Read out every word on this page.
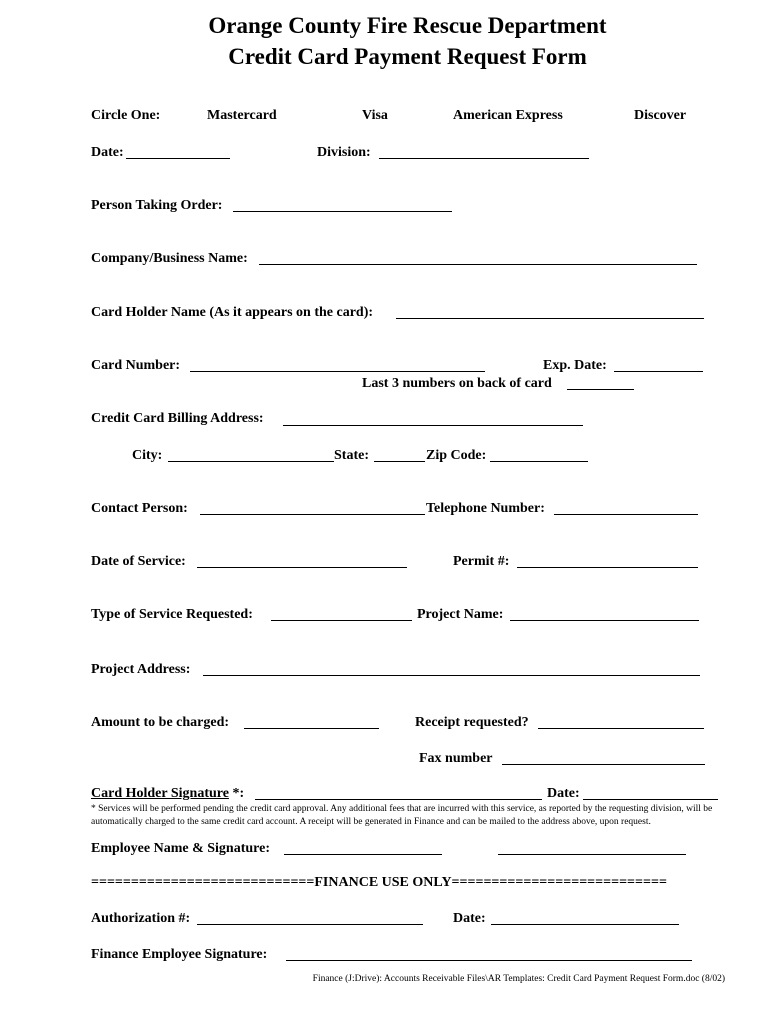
Orange County Fire Rescue Department
Credit Card Payment Request Form
Circle One:	Mastercard	Visa	American Express	Discover
Date:	Division:
Person Taking Order:
Company/Business Name:
Card Holder Name (As it appears on the card):
Card Number:	Exp. Date:
Last 3 numbers on back of card
Credit Card Billing Address:
City:	State:	Zip Code:
Contact Person:	Telephone Number:
Date of Service:	Permit #:
Type of Service Requested:	Project Name:
Project Address:
Amount to be charged:	Receipt requested?
Fax number
Card Holder Signature *:	Date:
* Services will be performed pending the credit card approval. Any additional fees that are incurred with this service, as reported by the requesting division, will be automatically charged to the same credit card account. A receipt will be generated in Finance and can be mailed to the address above, upon request.
Employee Name & Signature:
============================FINANCE USE ONLY===========================
Authorization #:	Date:
Finance Employee Signature:
Finance (J:Drive): Accounts Receivable Files\AR Templates: Credit Card Payment Request Form.doc (8/02)
